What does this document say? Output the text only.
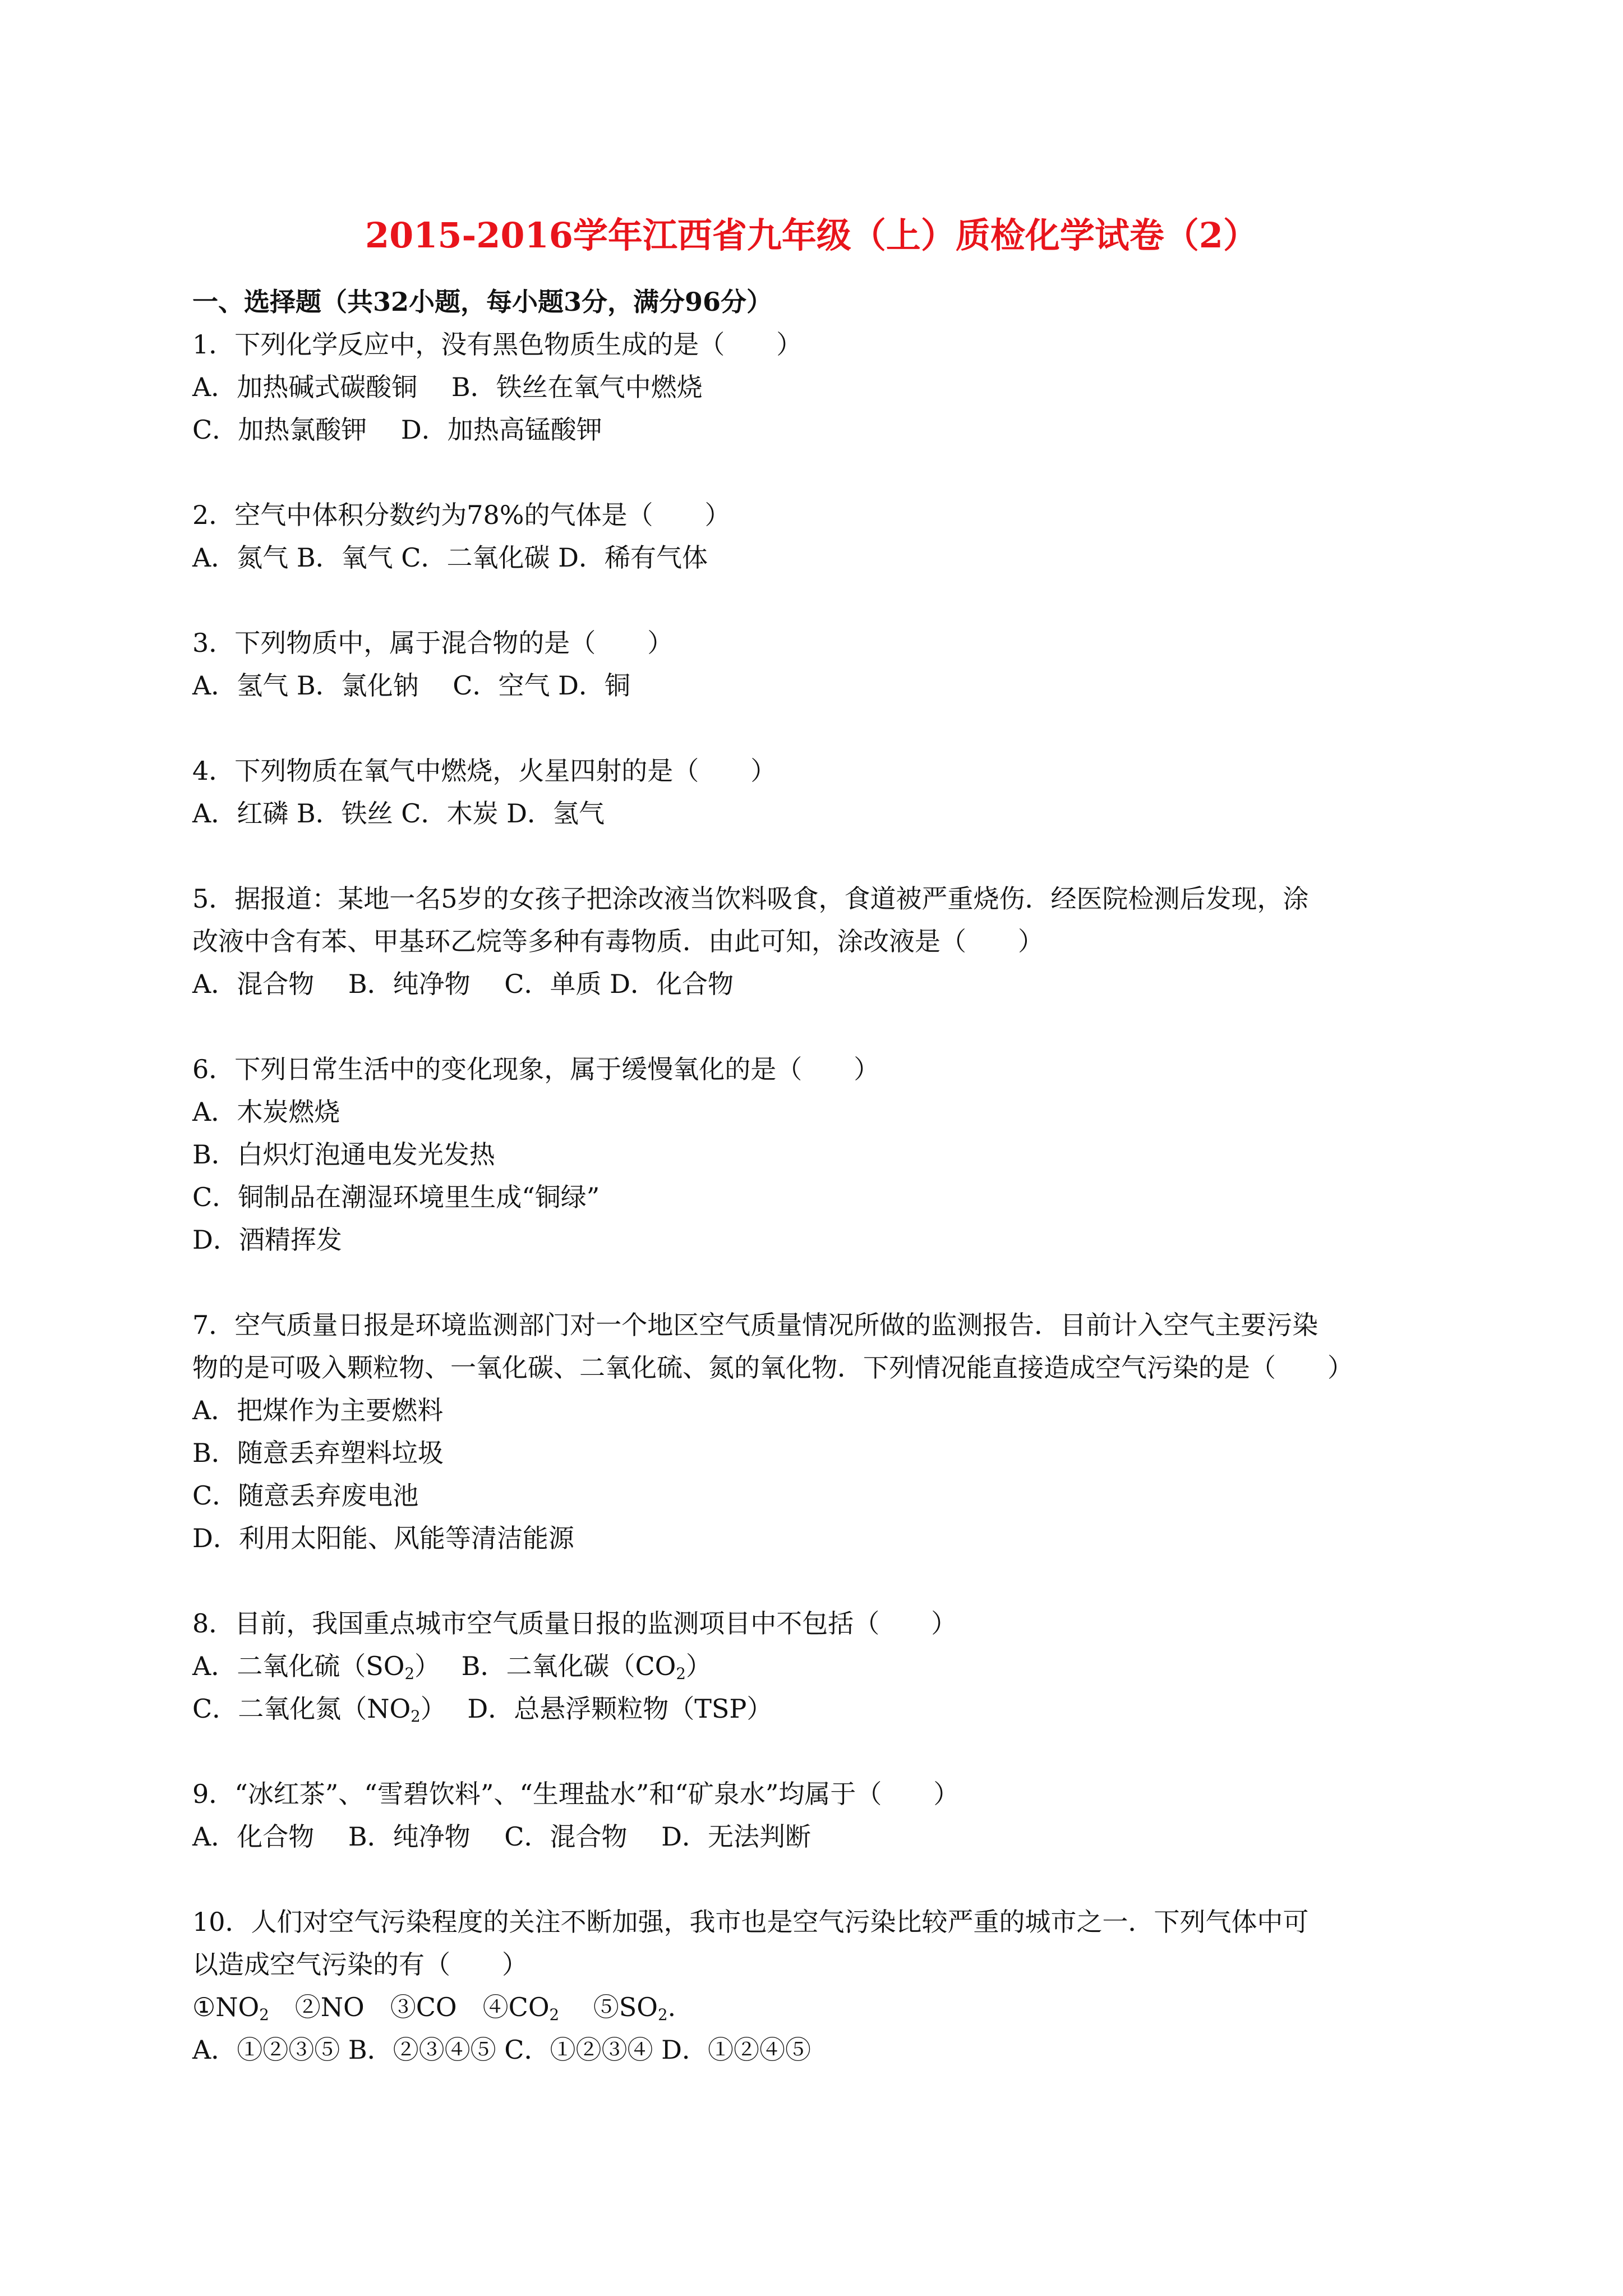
2015-2016学年江西省九年级（上）质检化学试卷（2）
一、选择题（共32小题，每小题3分，满分96分）
1．下列化学反应中，没有黑色物质生成的是（　　）
A．加热碱式碳酸铜　 B．铁丝在氧气中燃烧
C．加热氯酸钾　 D．加热高锰酸钾
2．空气中体积分数约为78%的气体是（　　）
A．氮气 B．氧气 C．二氧化碳 D．稀有气体
3．下列物质中，属于混合物的是（　　）
A．氢气 B．氯化钠　 C．空气 D．铜
4．下列物质在氧气中燃烧，火星四射的是（　　）
A．红磷 B．铁丝 C．木炭 D．氢气
5．据报道：某地一名5岁的女孩子把涂改液当饮料吸食，食道被严重烧伤．经医院检测后发现，涂
改液中含有苯、甲基环乙烷等多种有毒物质．由此可知，涂改液是（　　）
A．混合物　 B．纯净物　 C．单质 D．化合物
6．下列日常生活中的变化现象，属于缓慢氧化的是（　　）
A．木炭燃烧
B．白炽灯泡通电发光发热
C．铜制品在潮湿环境里生成“铜绿”
D．酒精挥发
7．空气质量日报是环境监测部门对一个地区空气质量情况所做的监测报告．目前计入空气主要污染
物的是可吸入颗粒物、一氧化碳、二氧化硫、氮的氧化物．下列情况能直接造成空气污染的是（　　）
A．把煤作为主要燃料
B．随意丢弃塑料垃圾
C．随意丢弃废电池
D．利用太阳能、风能等清洁能源
8．目前，我国重点城市空气质量日报的监测项目中不包括（　　）
A．二氧化硫$(SO_2)$　 B．二氧化碳$(CO_2)$
C．二氧化氮$(NO_2)$　 D．总悬浮颗粒物（TSP）
9．“冰红茶”、“雪碧饮料”、“生理盐水”和“矿泉水”均属于（　　）
A．化合物　 B．纯净物　 C．混合物　 D．无法判断
10．人们对空气污染程度的关注不断加强，我市也是空气污染比较严重的城市之一．下列气体中可
以造成空气污染的有（　　）
$①NO_2$　②NO　③CO　$④CO_2$　 $⑤SO_2$.
A．①②③⑤ B．②③④⑤ C．①②③④ D．①②④⑤
